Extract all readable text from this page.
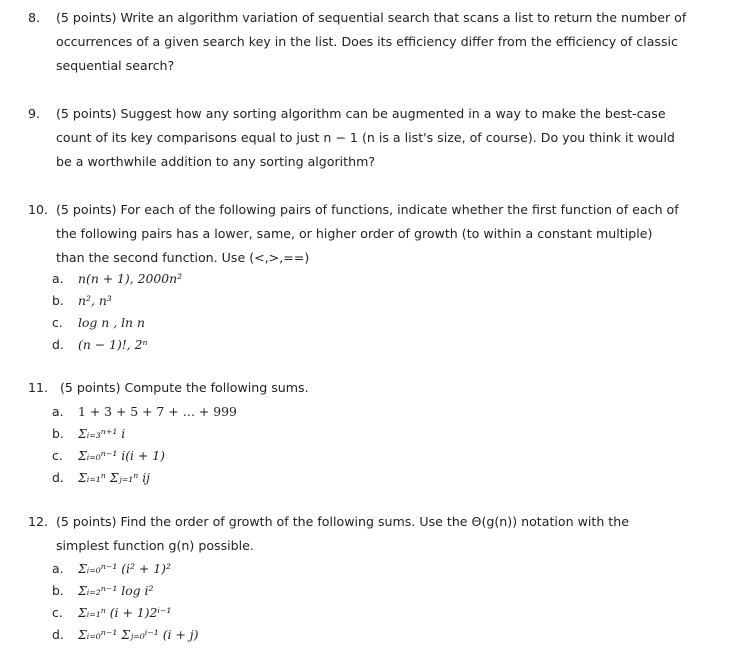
8.	(5 points) Write an algorithm variation of sequential search that scans a list to return the number of
occurrences of a given search key in the list. Does its efficiency differ from the efficiency of classic
sequential search?
9.	(5 points) Suggest how any sorting algorithm can be augmented in a way to make the best-case
count of its key comparisons equal to just n − 1 (n is a list's size, of course). Do you think it would
be a worthwhile addition to any sorting algorithm?
10. (5 points) For each of the following pairs of functions, indicate whether the first function of each of
the following pairs has a lower, same, or higher order of growth (to within a constant multiple)
than the second function. Use (<,>,==)
a. n(n + 1), 2000n²
b. n², n³
c. log n , ln n
d. (n − 1)!, 2ⁿ
11. (5 points) Compute the following sums.
a. 1 + 3 + 5 + 7 + … + 999
b. Σᵢ₌₃ⁿ⁺¹ i
c. Σᵢ₌₀ⁿ⁻¹ i(i + 1)
d. Σᵢ₌₁ⁿ Σⱼ₌₁ⁿ ij
12. (5 points) Find the order of growth of the following sums. Use the Θ(g(n)) notation with the
simplest function g(n) possible.
a. Σᵢ₌₀ⁿ⁻¹ (i² + 1)²
b. Σᵢ₌₂ⁿ⁻¹ log i²
c. Σᵢ₌₁ⁿ (i + 1)2ⁱ⁻¹
d. Σᵢ₌₀ⁿ⁻¹ Σⱼ₌₀ⁱ⁻¹ (i + j)
